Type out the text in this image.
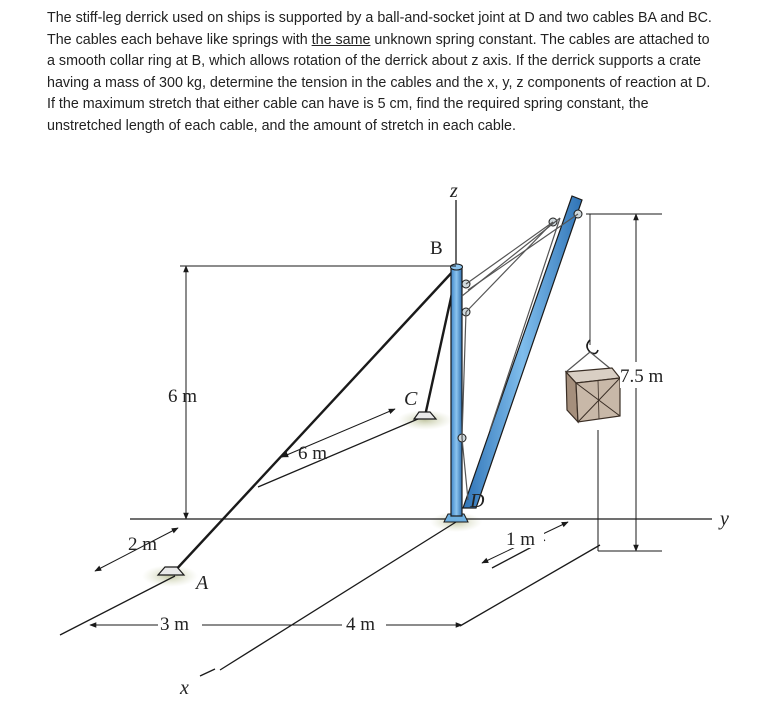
The stiff-leg derrick used on ships is supported by a ball-and-socket joint at D and two cables BA and BC.
The cables each behave like springs with the same unknown spring constant. The cables are attached to
a smooth collar ring at B, which allows rotation of the derrick about z axis. If the derrick supports a crate
having a mass of 300 kg, determine the tension in the cables and the x, y, z components of reaction at D.
If the maximum stretch that either cable can have is 5 cm, find the required spring constant, the
unstretched length of each cable, and the amount of stretch in each cable.

z
y
x
6 m
6 m
2 m
3 m	4 m
1 m
7.5 m
B
C
D
A
